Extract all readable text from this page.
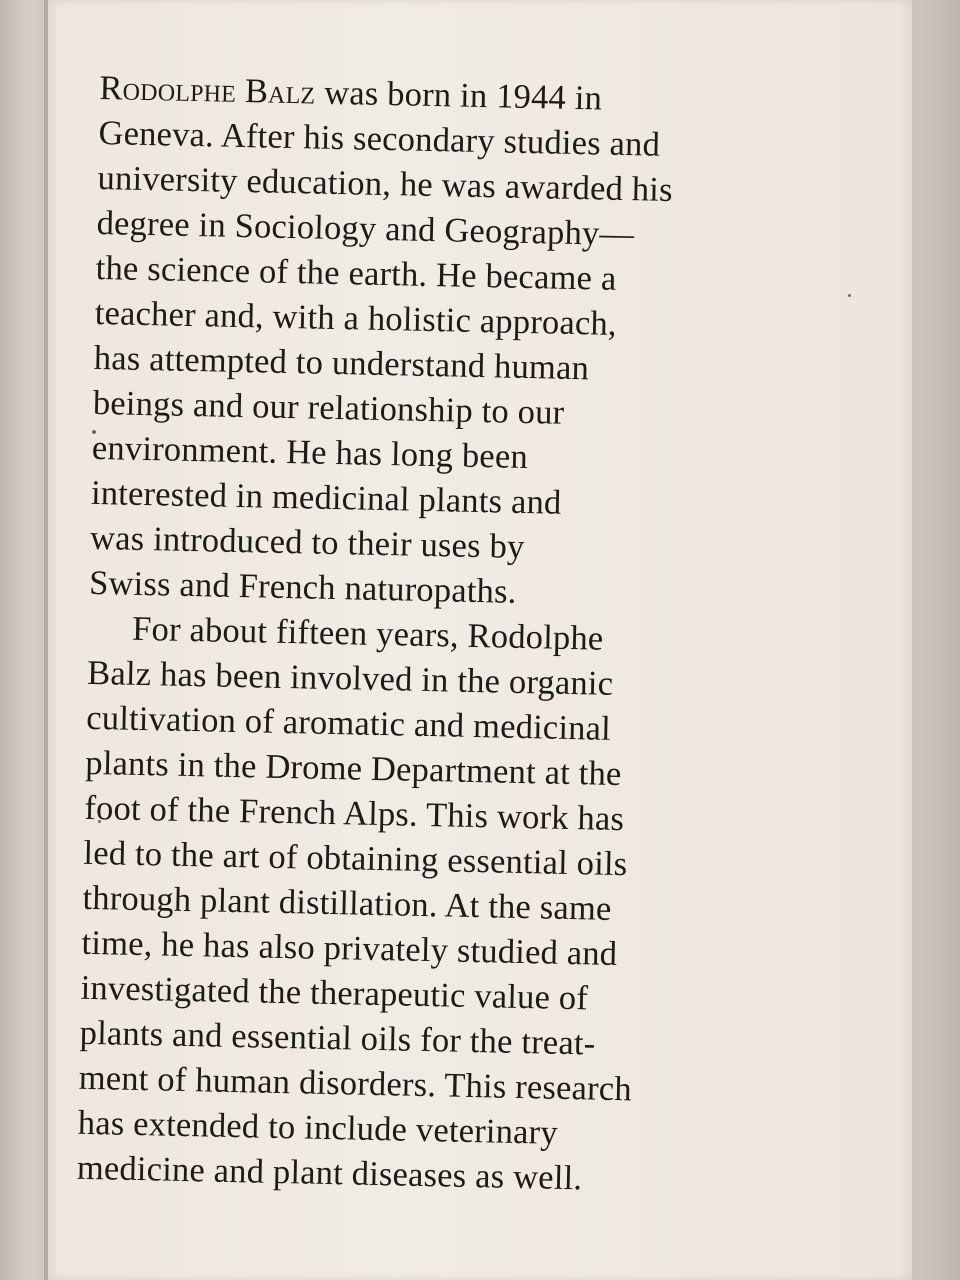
Rodolphe Balz was born in 1944 in
Geneva. After his secondary studies and
university education, he was awarded his
degree in Sociology and Geography—
the science of the earth. He became a
teacher and, with a holistic approach,
has attempted to understand human
beings and our relationship to our
environment. He has long been
interested in medicinal plants and
was introduced to their uses by
Swiss and French naturopaths.
For about fifteen years, Rodolphe
Balz has been involved in the organic
cultivation of aromatic and medicinal
plants in the Drome Department at the
foot of the French Alps. This work has
led to the art of obtaining essential oils
through plant distillation. At the same
time, he has also privately studied and
investigated the therapeutic value of
plants and essential oils for the treat-
ment of human disorders. This research
has extended to include veterinary
medicine and plant diseases as well.
